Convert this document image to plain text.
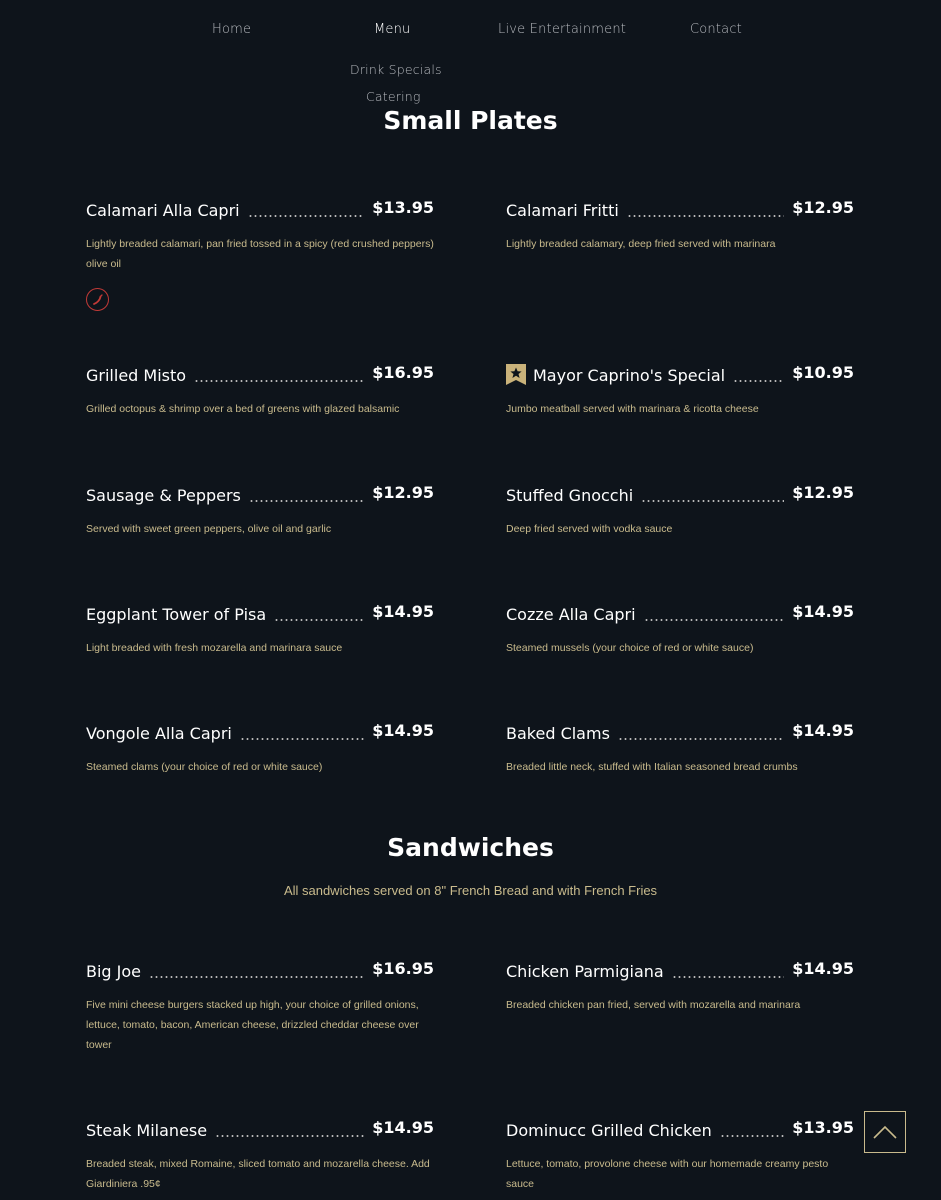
Home	Menu	Live Entertainment	Contact
Drink Specials
Catering
Small Plates
Calamari Alla Capri	$13.95

Lightly breaded calamari, pan fried tossed in a spicy (red crushed peppers) olive oil

Calamari Fritti	$12.95

Lightly breaded calamary, deep fried served with marinara

Grilled Misto	$16.95

Grilled octopus & shrimp over a bed of greens with glazed balsamic

Mayor Caprino's Special	$10.95

Jumbo meatball served with marinara & ricotta cheese

Sausage & Peppers	$12.95

Served with sweet green peppers, olive oil and garlic

Stuffed Gnocchi	$12.95

Deep fried served with vodka sauce

Eggplant Tower of Pisa	$14.95

Light breaded with fresh mozarella and marinara sauce

Cozze Alla Capri	$14.95

Steamed mussels (your choice of red or white sauce)

Vongole Alla Capri	$14.95

Steamed clams (your choice of red or white sauce)

Baked Clams	$14.95

Breaded little neck, stuffed with Italian seasoned bread crumbs

Sandwiches

All sandwiches served on 8" French Bread and with French Fries

Big Joe	$16.95

Five mini cheese burgers stacked up high, your choice of grilled onions, lettuce, tomato, bacon, American cheese, drizzled cheddar cheese over tower

Chicken Parmigiana	$14.95

Breaded chicken pan fried, served with mozarella and marinara

Steak Milanese	$14.95

Breaded steak, mixed Romaine, sliced tomato and mozarella cheese. Add Giardiniera .95¢

Dominucc Grilled Chicken	$13.95

Lettuce, tomato, provolone cheese with our homemade creamy pesto sauce
